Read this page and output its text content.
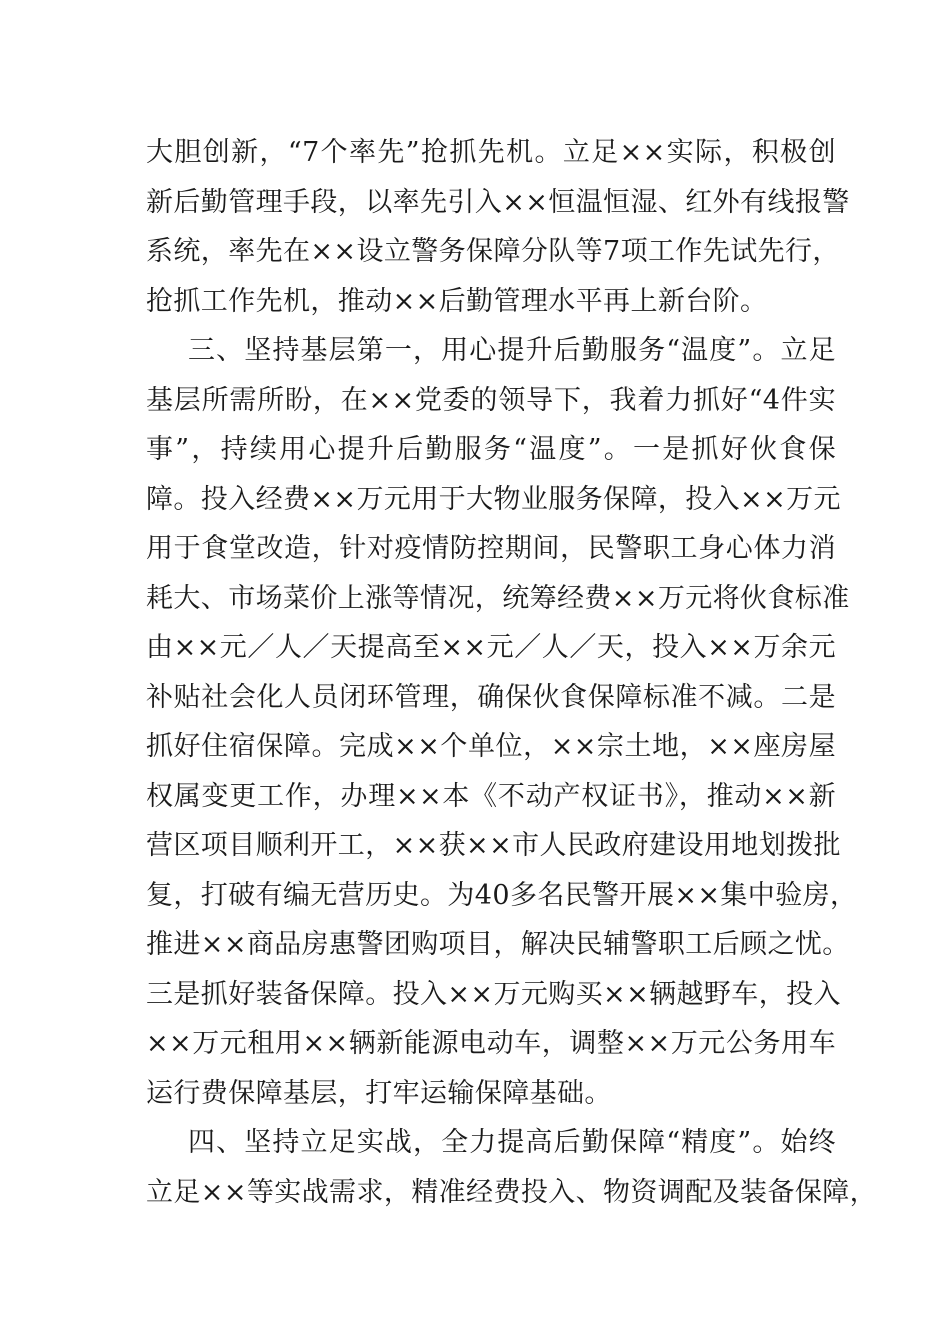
大胆创新，“7个率先”抢抓先机。立足××实际，积极创
新后勤管理手段，以率先引入××恒温恒湿、红外有线报警
系统，率先在××设立警务保障分队等7项工作先试先行，
抢抓工作先机，推动××后勤管理水平再上新台阶。
三、坚持基层第一，用心提升后勤服务“温度”。立足
基层所需所盼，在××党委的领导下，我着力抓好“4件实
事”，持续用心提升后勤服务“温度”。一是抓好伙食保
障。投入经费××万元用于大物业服务保障，投入××万元
用于食堂改造，针对疫情防控期间，民警职工身心体力消
耗大、市场菜价上涨等情况，统筹经费××万元将伙食标准
由××元／人／天提高至××元／人／天，投入××万余元
补贴社会化人员闭环管理，确保伙食保障标准不减。二是
抓好住宿保障。完成××个单位，××宗土地，××座房屋
权属变更工作，办理××本《不动产权证书》，推动××新
营区项目顺利开工，××获××市人民政府建设用地划拨批
复，打破有编无营历史。为40多名民警开展××集中验房，
推进××商品房惠警团购项目，解决民辅警职工后顾之忧。
三是抓好装备保障。投入××万元购买××辆越野车，投入
××万元租用××辆新能源电动车，调整××万元公务用车
运行费保障基层，打牢运输保障基础。
四、坚持立足实战，全力提高后勤保障“精度”。始终
立足××等实战需求，精准经费投入、物资调配及装备保障，
